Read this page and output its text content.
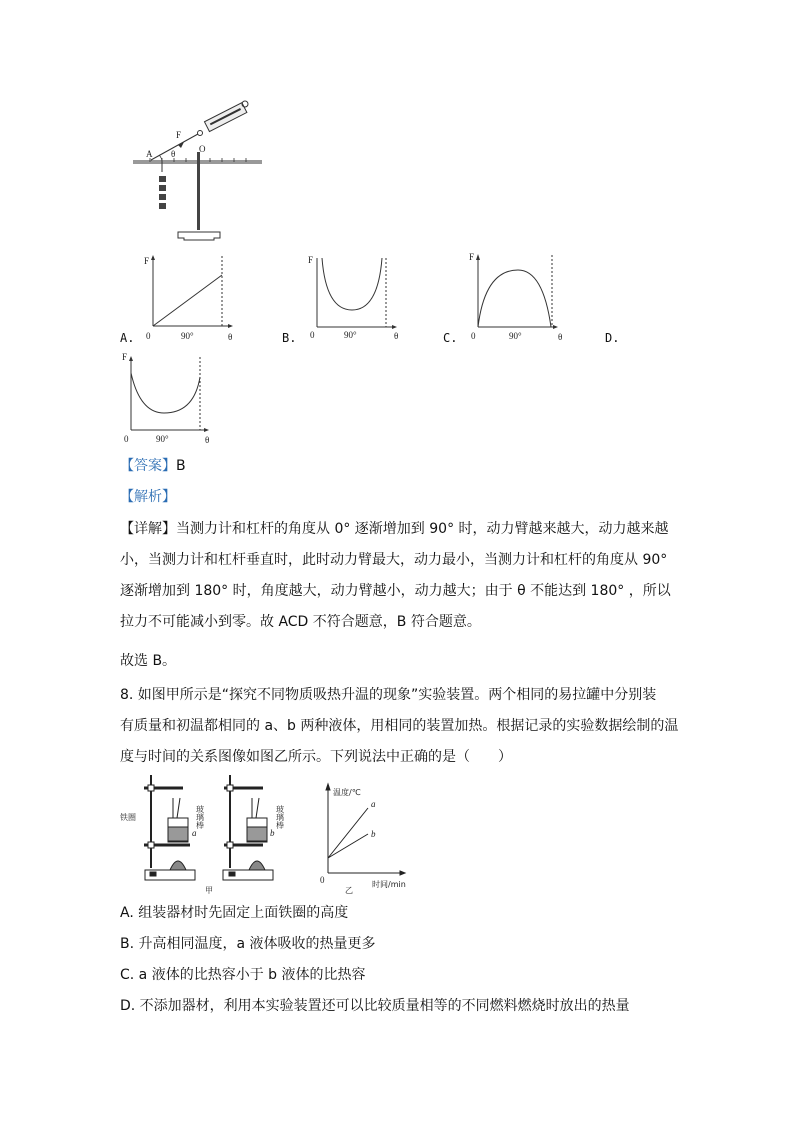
A
F
θ	O
A.	B.	C.	D.
F
0	90°	θ
F
0	90°	θ
F
0	90°	θ
F
0	90°	θ
【答案】B
【解析】
【详解】当测力计和杠杆的角度从 0° 逐渐增加到 90° 时，动力臂越来越大，动力越来越
小，当测力计和杠杆垂直时，此时动力臂最大，动力最小，当测力计和杠杆的角度从 90°
逐渐增加到 180° 时，角度越大，动力臂越小，动力越大；由于 θ 不能达到 180° ，所以
拉力不可能减小到零。故 ACD 不符合题意，B 符合题意。
故选 B。
8. 如图甲所示是“探究不同物质吸热升温的现象”实验装置。两个相同的易拉罐中分别装
有质量和初温都相同的 a、b 两种液体，用相同的装置加热。根据记录的实验数据绘制的温
度与时间的关系图像如图乙所示。下列说法中正确的是（　　）
铁圈	玻璃棒	玻璃棒
a	b
甲
温度/℃
a
b
0	时间/min
乙
A. 组装器材时先固定上面铁圈的高度
B. 升高相同温度，a 液体吸收的热量更多
C. a 液体的比热容小于 b 液体的比热容
D. 不添加器材，利用本实验装置还可以比较质量相等的不同燃料燃烧时放出的热量
